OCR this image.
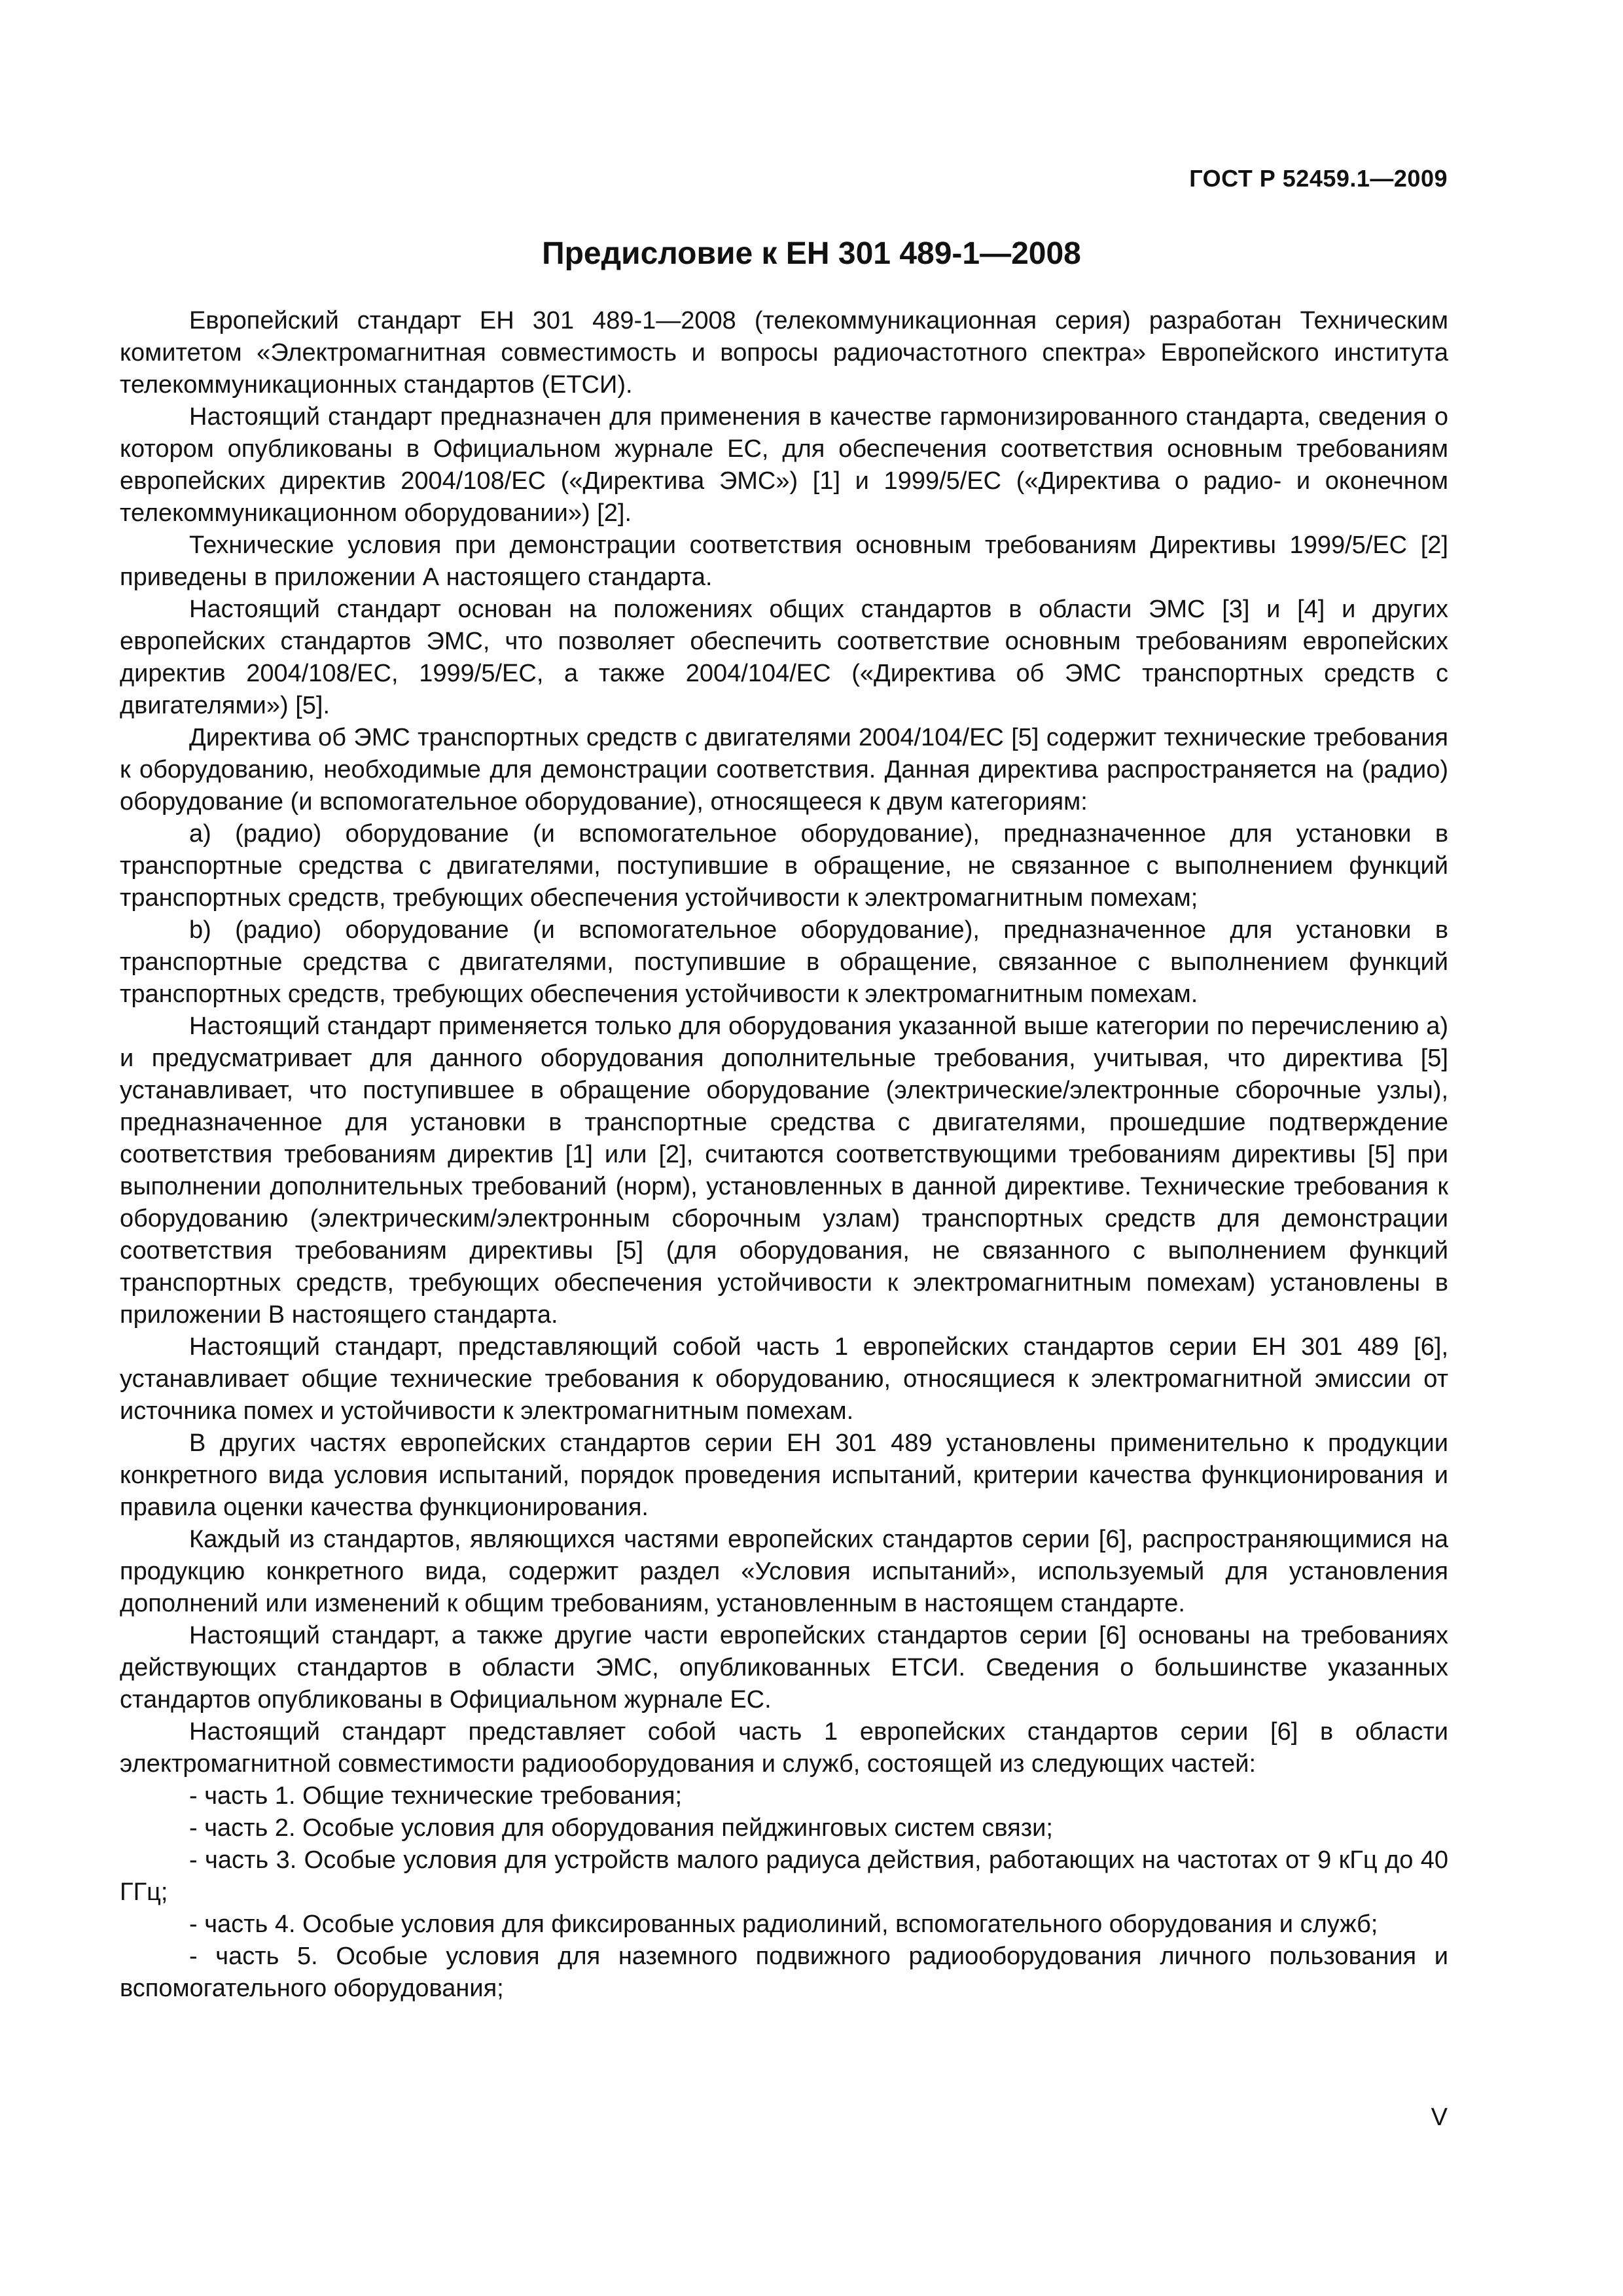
ГОСТ Р 52459.1—2009
Предисловие к ЕН 301 489-1—2008

Европейский стандарт ЕН 301 489-1—2008 (телекоммуникационная серия) разработан Техническим комитетом «Электромагнитная совместимость и вопросы радиочастотного спектра» Европейского института телекоммуникационных стандартов (ЕТСИ).

Настоящий стандарт предназначен для применения в качестве гармонизированного стандарта, сведения о котором опубликованы в Официальном журнале ЕС, для обеспечения соответствия основным требованиям европейских директив 2004/108/ЕС («Директива ЭМС») [1] и 1999/5/ЕС («Директива о радио- и оконечном телекоммуникационном оборудовании») [2].

Технические условия при демонстрации соответствия основным требованиям Директивы 1999/5/ЕС [2] приведены в приложении А настоящего стандарта.

Настоящий стандарт основан на положениях общих стандартов в области ЭМС [3] и [4] и других европейских стандартов ЭМС, что позволяет обеспечить соответствие основным требованиям европейских директив 2004/108/ЕС, 1999/5/ЕС, а также 2004/104/ЕС («Директива об ЭМС транспортных средств с двигателями») [5].

Директива об ЭМС транспортных средств с двигателями 2004/104/ЕС [5] содержит технические требования к оборудованию, необходимые для демонстрации соответствия. Данная директива распространяется на (радио) оборудование (и вспомогательное оборудование), относящееся к двум категориям:

a) (радио) оборудование (и вспомогательное оборудование), предназначенное для установки в транспортные средства с двигателями, поступившие в обращение, не связанное с выполнением функций транспортных средств, требующих обеспечения устойчивости к электромагнитным помехам;

b) (радио) оборудование (и вспомогательное оборудование), предназначенное для установки в транспортные средства с двигателями, поступившие в обращение, связанное с выполнением функций транспортных средств, требующих обеспечения устойчивости к электромагнитным помехам.

Настоящий стандарт применяется только для оборудования указанной выше категории по перечислению а) и предусматривает для данного оборудования дополнительные требования, учитывая, что директива [5] устанавливает, что поступившее в обращение оборудование (электрические/электронные сборочные узлы), предназначенное для установки в транспортные средства с двигателями, прошедшие подтверждение соответствия требованиям директив [1] или [2], считаются соответствующими требованиям директивы [5] при выполнении дополнительных требований (норм), установленных в данной директиве. Технические требования к оборудованию (электрическим/электронным сборочным узлам) транспортных средств для демонстрации соответствия требованиям директивы [5] (для оборудования, не связанного с выполнением функций транспортных средств, требующих обеспечения устойчивости к электромагнитным помехам) установлены в приложении В настоящего стандарта.

Настоящий стандарт, представляющий собой часть 1 европейских стандартов серии ЕН 301 489 [6], устанавливает общие технические требования к оборудованию, относящиеся к электромагнитной эмиссии от источника помех и устойчивости к электромагнитным помехам.

В других частях европейских стандартов серии ЕН 301 489 установлены применительно к продукции конкретного вида условия испытаний, порядок проведения испытаний, критерии качества функционирования и правила оценки качества функционирования.

Каждый из стандартов, являющихся частями европейских стандартов серии [6], распространяющимися на продукцию конкретного вида, содержит раздел «Условия испытаний», используемый для установления дополнений или изменений к общим требованиям, установленным в настоящем стандарте.

Настоящий стандарт, а также другие части европейских стандартов серии [6] основаны на требованиях действующих стандартов в области ЭМС, опубликованных ЕТСИ. Сведения о большинстве указанных стандартов опубликованы в Официальном журнале ЕС.

Настоящий стандарт представляет собой часть 1 европейских стандартов серии [6] в области электромагнитной совместимости радиооборудования и служб, состоящей из следующих частей:

- часть 1. Общие технические требования;

- часть 2. Особые условия для оборудования пейджинговых систем связи;

- часть 3. Особые условия для устройств малого радиуса действия, работающих на частотах от 9 кГц до 40 ГГц;

- часть 4. Особые условия для фиксированных радиолиний, вспомогательного оборудования и служб;

- часть 5. Особые условия для наземного подвижного радиооборудования личного пользования и вспомогательного оборудования;

V
